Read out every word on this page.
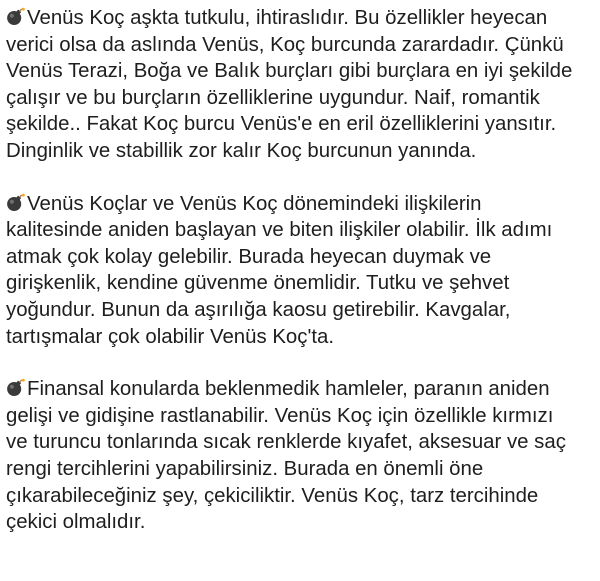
Venüs Koç aşkta tutkulu, ihtiraslıdır. Bu özellikler heyecan
verici olsa da aslında Venüs, Koç burcunda zarardadır. Çünkü
Venüs Terazi, Boğa ve Balık burçları gibi burçlara en iyi şekilde
çalışır ve bu burçların özelliklerine uygundur. Naif, romantik
şekilde.. Fakat Koç burcu Venüs'e en eril özelliklerini yansıtır.
Dinginlik ve stabillik zor kalır Koç burcunun yanında.

Venüs Koçlar ve Venüs Koç dönemindeki ilişkilerin
kalitesinde aniden başlayan ve biten ilişkiler olabilir. İlk adımı
atmak çok kolay gelebilir. Burada heyecan duymak ve
girişkenlik, kendine güvenme önemlidir. Tutku ve şehvet
yoğundur. Bunun da aşırılığa kaosu getirebilir. Kavgalar,
tartışmalar çok olabilir Venüs Koç'ta.

Finansal konularda beklenmedik hamleler, paranın aniden
gelişi ve gidişine rastlanabilir. Venüs Koç için özellikle kırmızı
ve turuncu tonlarında sıcak renklerde kıyafet, aksesuar ve saç
rengi tercihlerini yapabilirsiniz. Burada en önemli öne
çıkarabileceğiniz şey, çekiciliktir. Venüs Koç, tarz tercihinde
çekici olmalıdır.
